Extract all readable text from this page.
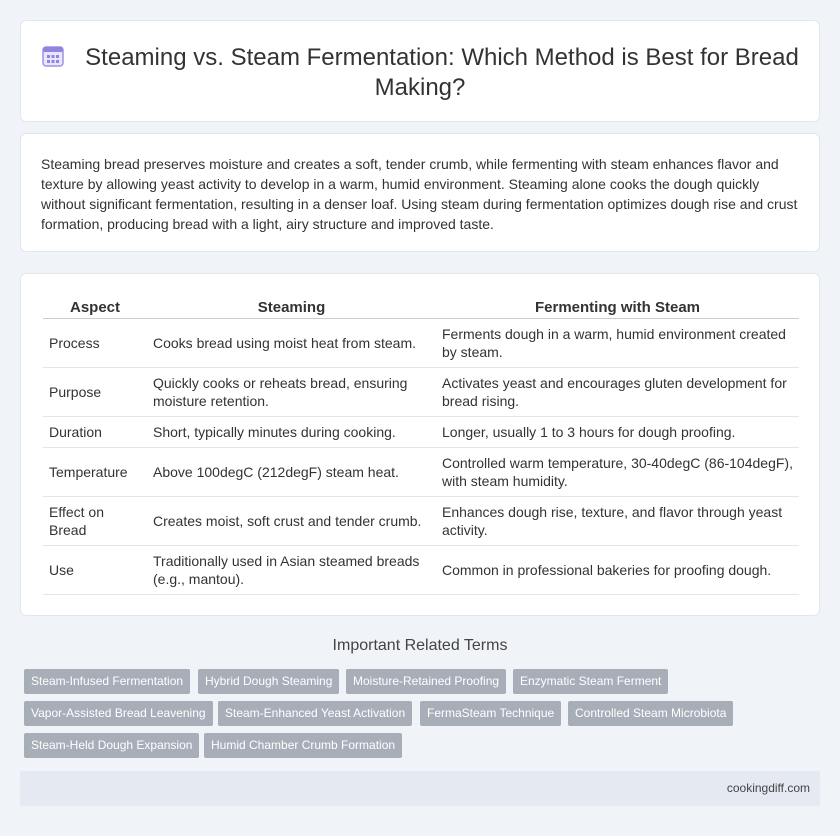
Steaming vs. Steam Fermentation: Which Method is Best for Bread Making?

Steaming bread preserves moisture and creates a soft, tender crumb, while fermenting with steam enhances flavor and texture by allowing yeast activity to develop in a warm, humid environment. Steaming alone cooks the dough quickly without significant fermentation, resulting in a denser loaf. Using steam during fermentation optimizes dough rise and crust formation, producing bread with a light, airy structure and improved taste.

Aspect	Steaming	Fermenting with Steam
Process	Cooks bread using moist heat from steam.	Ferments dough in a warm, humid environment created by steam.
Purpose	Quickly cooks or reheats bread, ensuring moisture retention.	Activates yeast and encourages gluten development for bread rising.
Duration	Short, typically minutes during cooking.	Longer, usually 1 to 3 hours for dough proofing.
Temperature	Above 100degC (212degF) steam heat.	Controlled warm temperature, 30-40degC (86-104degF), with steam humidity.
Effect on Bread	Creates moist, soft crust and tender crumb.	Enhances dough rise, texture, and flavor through yeast activity.
Use	Traditionally used in Asian steamed breads (e.g., mantou).	Common in professional bakeries for proofing dough.
Important Related Terms
Steam-Infused Fermentation	Hybrid Dough Steaming	Moisture-Retained Proofing	Enzymatic Steam Ferment
Vapor-Assisted Bread Leavening	Steam-Enhanced Yeast Activation	FermaSteam Technique	Controlled Steam Microbiota
Steam-Held Dough Expansion	Humid Chamber Crumb Formation
cookingdiff.com
